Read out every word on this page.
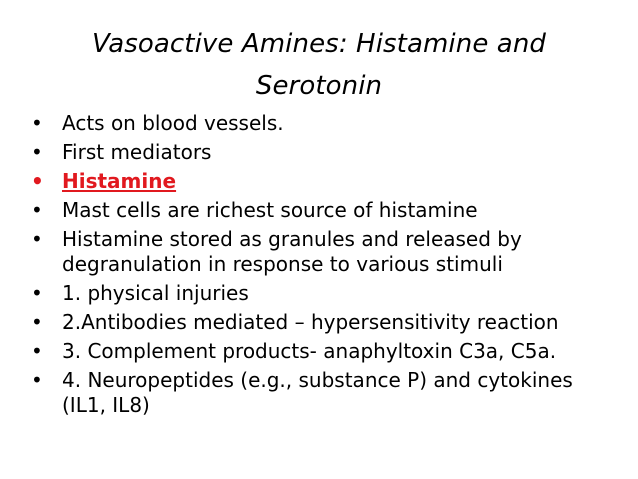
Vasoactive Amines: Histamine and Serotonin
• Acts on blood vessels.
• First mediators
• Histamine
• Mast cells are richest source of histamine
• Histamine stored as granules and released by degranulation in response to various stimuli
• 1. physical injuries
• 2.Antibodies mediated – hypersensitivity reaction
• 3. Complement products- anaphyltoxin C3a, C5a.
• 4. Neuropeptides (e.g., substance P) and cytokines (IL1, IL8)
